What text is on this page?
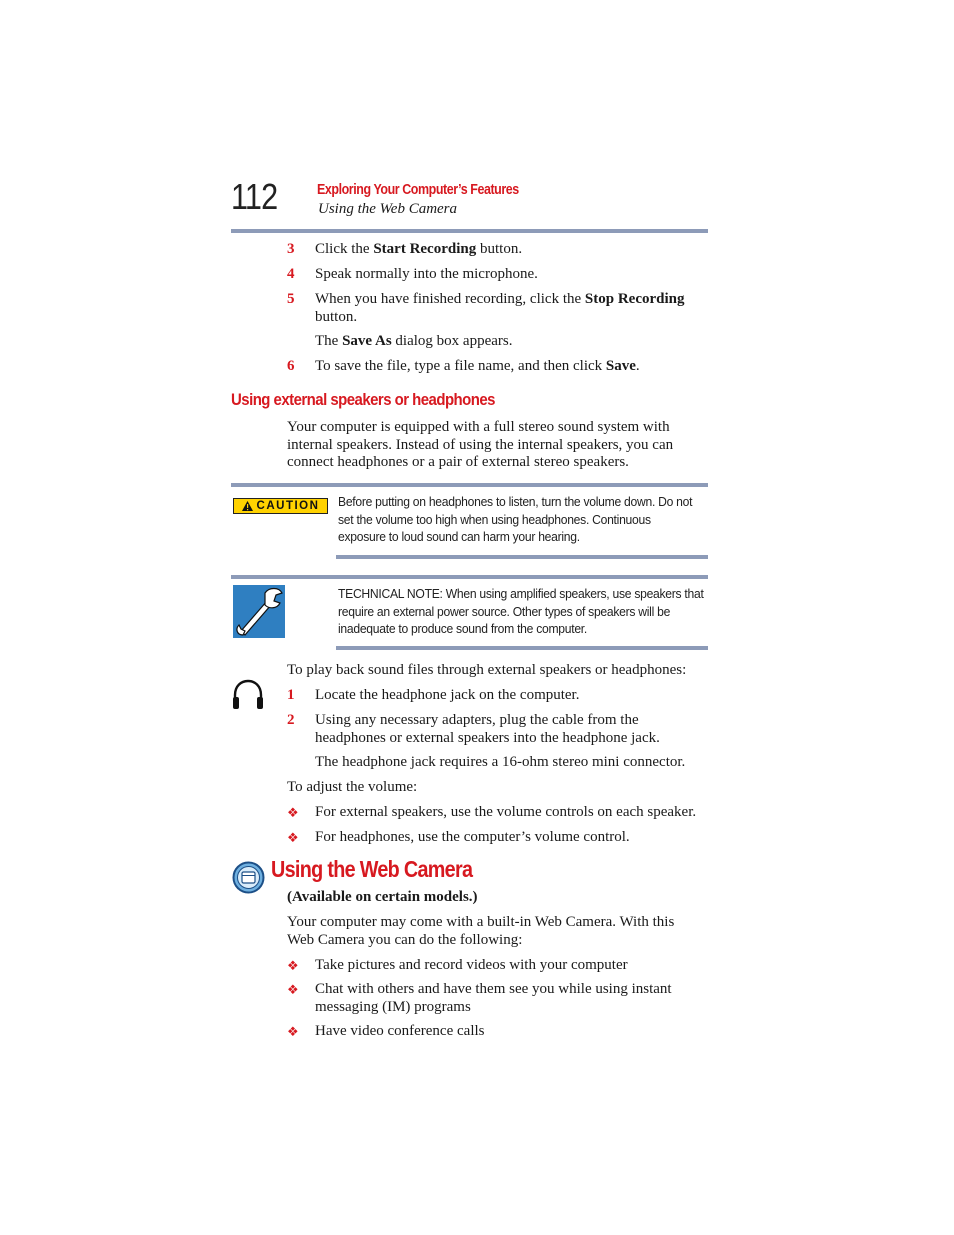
112	Exploring Your Computer’s Features
Using the Web Camera
3 Click the Start Recording button.
4 Speak normally into the microphone.
5 When you have finished recording, click the Stop Recording
button.
The Save As dialog box appears.
6 To save the file, type a file name, and then click Save.
Using external speakers or headphones
Your computer is equipped with a full stereo sound system with internal speakers. Instead of using the internal speakers, you can connect headphones or a pair of external stereo speakers.
CAUTION Before putting on headphones to listen, turn the volume down. Do not set the volume too high when using headphones. Continuous exposure to loud sound can harm your hearing.
TECHNICAL NOTE: When using amplified speakers, use speakers that require an external power source. Other types of speakers will be inadequate to produce sound from the computer.
To play back sound files through external speakers or headphones:
1 Locate the headphone jack on the computer.
2 Using any necessary adapters, plug the cable from the headphones or external speakers into the headphone jack.
The headphone jack requires a 16-ohm stereo mini connector.
To adjust the volume:
❖ For external speakers, use the volume controls on each speaker.
❖ For headphones, use the computer’s volume control.
Using the Web Camera
(Available on certain models.)
Your computer may come with a built-in Web Camera. With this Web Camera you can do the following:
❖ Take pictures and record videos with your computer
❖ Chat with others and have them see you while using instant messaging (IM) programs
❖ Have video conference calls
